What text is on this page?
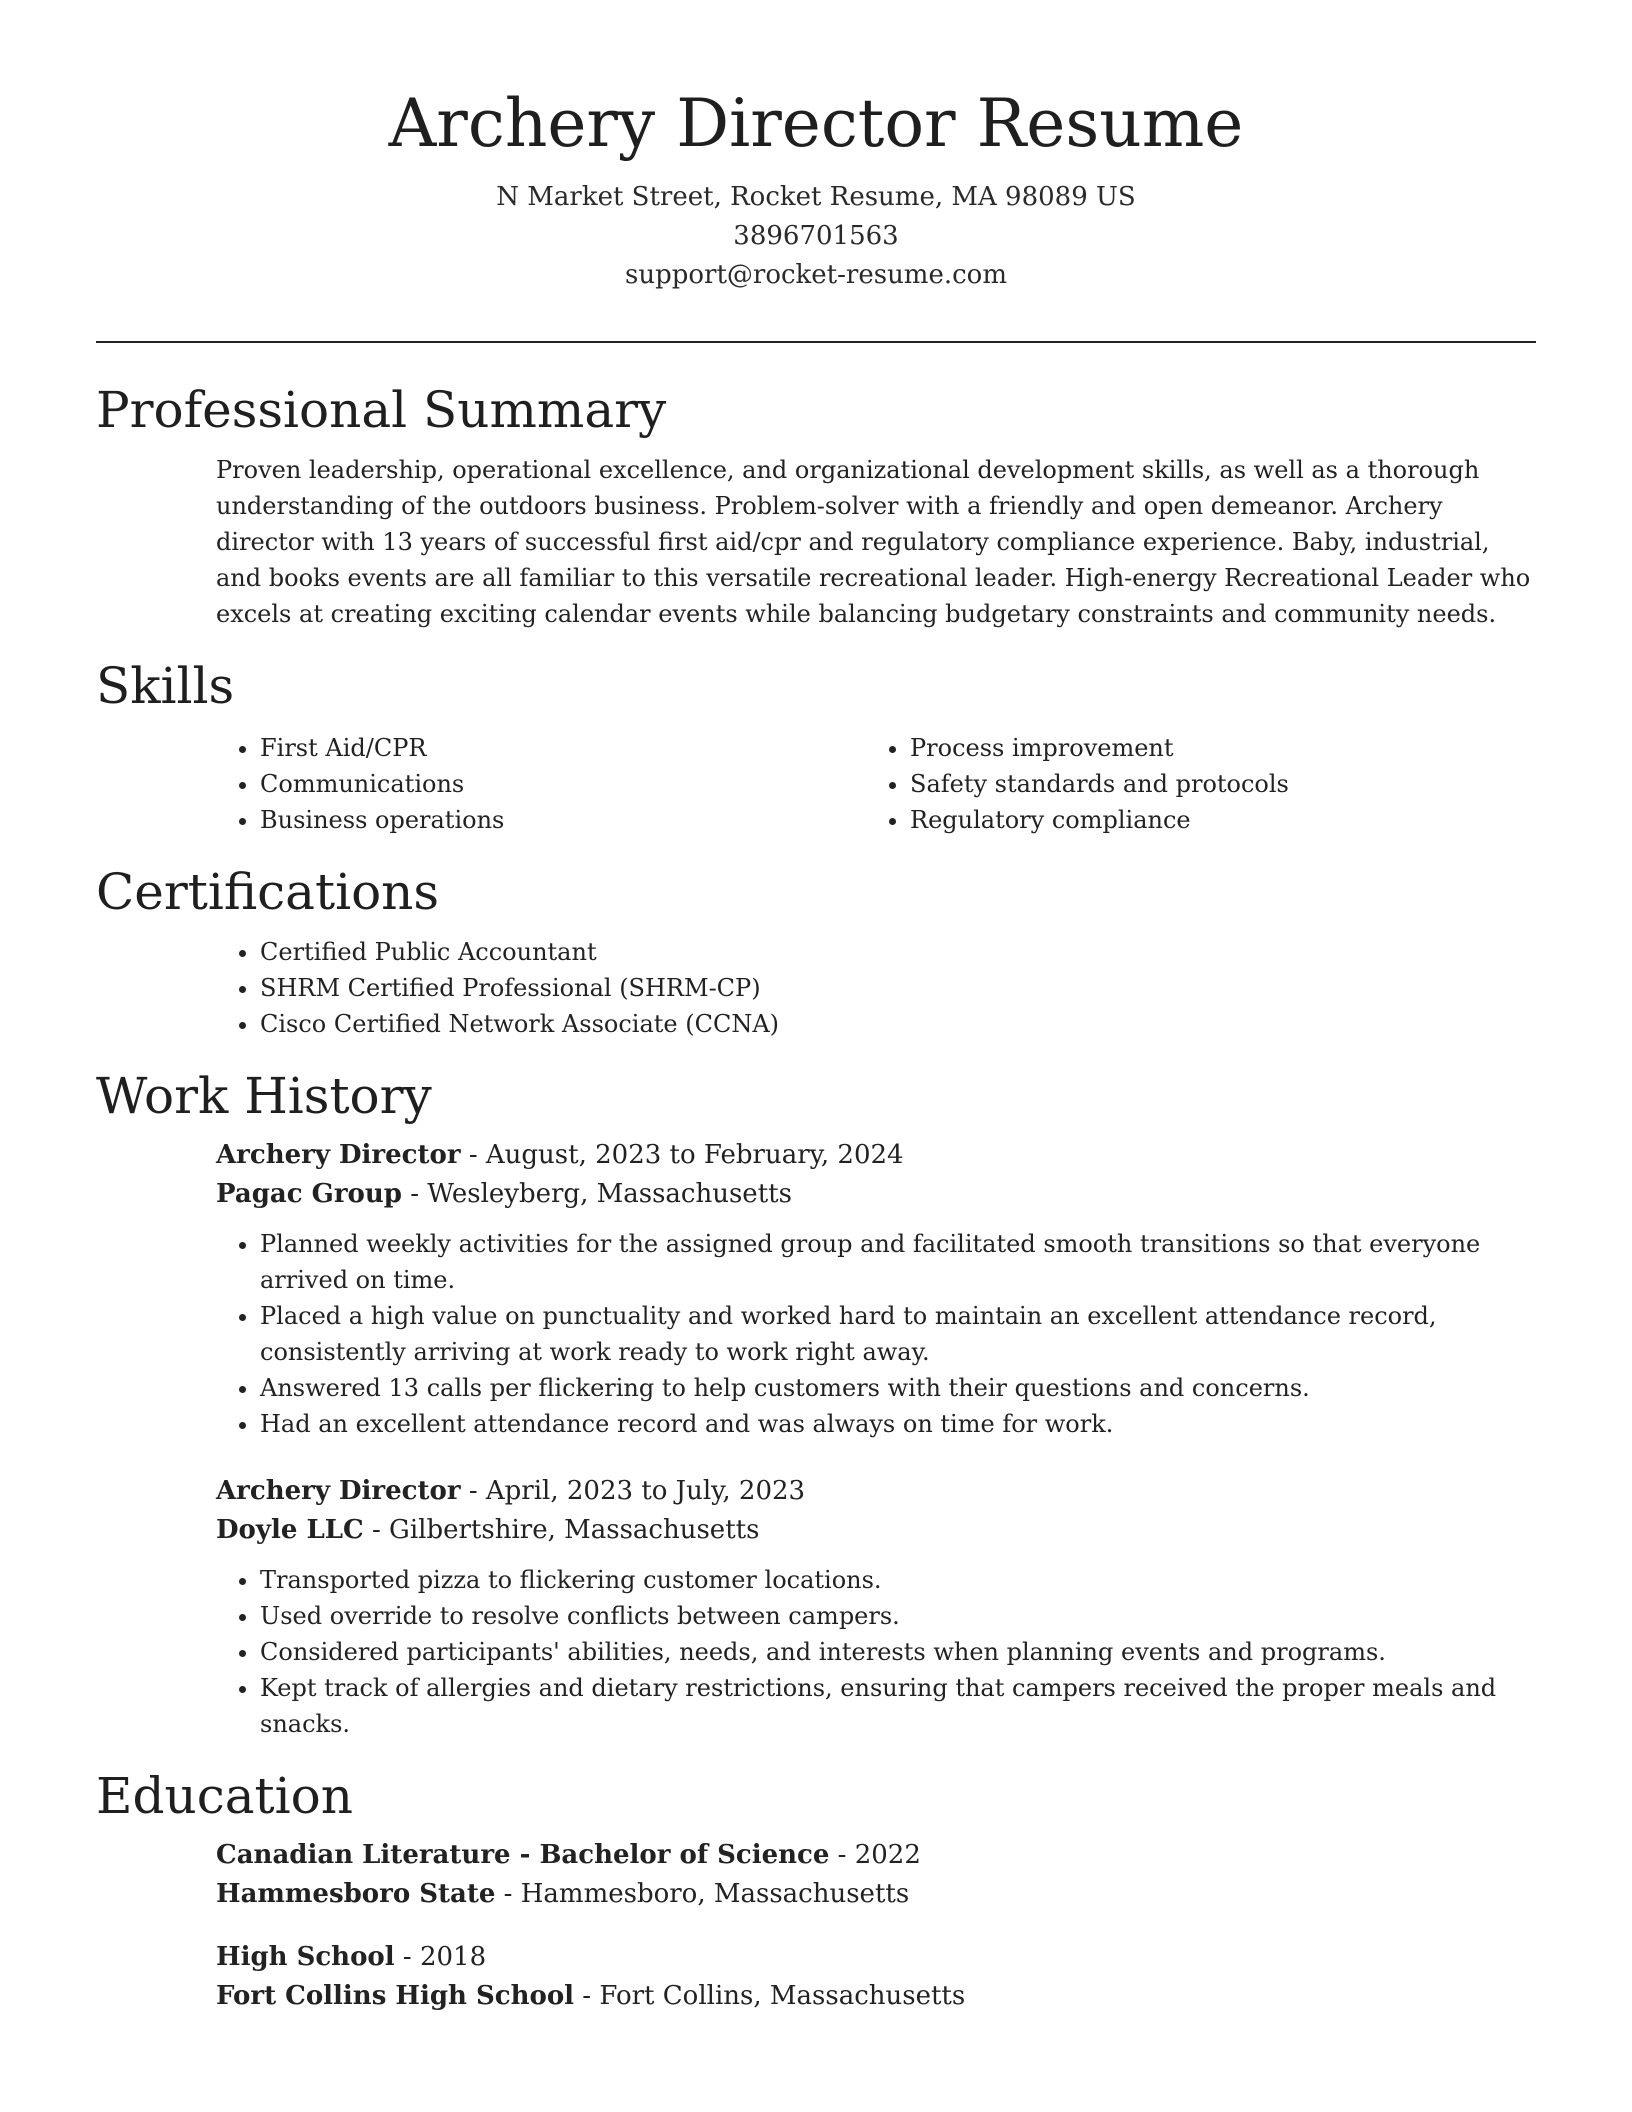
Archery Director Resume
N Market Street, Rocket Resume, MA 98089 US
3896701563
support@rocket-resume.com
Professional Summary

Proven leadership, operational excellence, and organizational development skills, as well as a thorough understanding of the outdoors business. Problem-solver with a friendly and open demeanor. Archery director with 13 years of successful first aid/cpr and regulatory compliance experience. Baby, industrial, and books events are all familiar to this versatile recreational leader. High-energy Recreational Leader who excels at creating exciting calendar events while balancing budgetary constraints and community needs.

Skills
• First Aid/CPR
• Communications
• Business operations
• Process improvement
• Safety standards and protocols
• Regulatory compliance
Certifications
• Certified Public Accountant
• SHRM Certified Professional (SHRM-CP)
• Cisco Certified Network Associate (CCNA)
Work History
Archery Director - August, 2023 to February, 2024
Pagac Group - Wesleyberg, Massachusetts
• Planned weekly activities for the assigned group and facilitated smooth transitions so that everyone arrived on time.
• Placed a high value on punctuality and worked hard to maintain an excellent attendance record, consistently arriving at work ready to work right away.
• Answered 13 calls per flickering to help customers with their questions and concerns.
• Had an excellent attendance record and was always on time for work.
Archery Director - April, 2023 to July, 2023
Doyle LLC - Gilbertshire, Massachusetts
• Transported pizza to flickering customer locations.
• Used override to resolve conflicts between campers.
• Considered participants' abilities, needs, and interests when planning events and programs.
• Kept track of allergies and dietary restrictions, ensuring that campers received the proper meals and snacks.
Education
Canadian Literature - Bachelor of Science - 2022
Hammesboro State - Hammesboro, Massachusetts
High School - 2018
Fort Collins High School - Fort Collins, Massachusetts
